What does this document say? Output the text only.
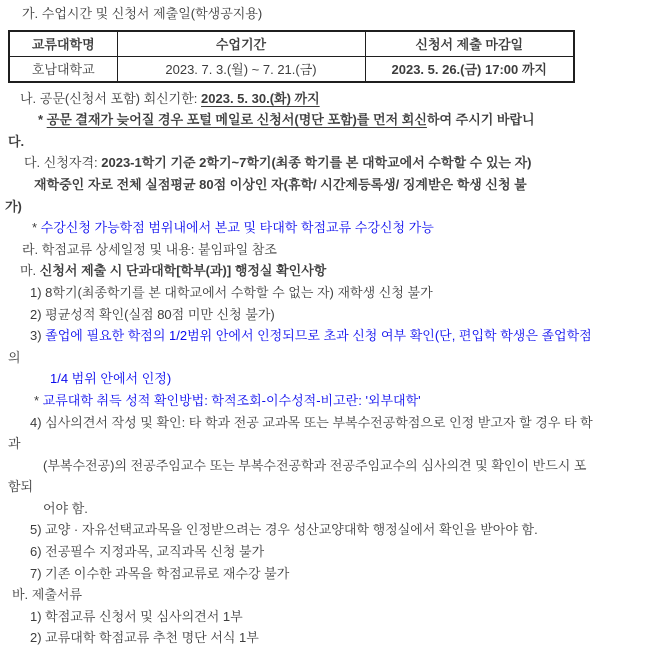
가. 수업시간 및 신청서 제출일(학생공지용)
교류대학명	수업기간	신청서 제출 마감일
호남대학교	2023. 7. 3.(월) ~ 7. 21.(금)	2023. 5. 26.(금) 17:00 까지
나. 공문(신청서 포함) 회신기한: 2023. 5. 30.(화) 까지
* 공문 결재가 늦어질 경우 포털 메일로 신청서(명단 포함)를 먼저 회신하여 주시기 바랍니
다.
다. 신청자격: 2023-1학기 기준 2학기~7학기(최종 학기를 본 대학교에서 수학할 수 있는 자)
재학중인 자로 전체 실점평균 80점 이상인 자(휴학/ 시간제등록생/ 징계받은 학생 신청 불
가)
* 수강신청 가능학점 범위내에서 본교 및 타대학 학점교류 수강신청 가능
라. 학점교류 상세일정 및 내용: 붙임파일 참조
마. 신청서 제출 시 단과대학[학부(과)] 행정실 확인사항
1) 8학기(최종학기를 본 대학교에서 수학할 수 없는 자) 재학생 신청 불가
2) 평균성적 확인(실점 80점 미만 신청 불가)
3) 졸업에 필요한 학점의 1/2범위 안에서 인정되므로 초과 신청 여부 확인(단, 편입학 학생은 졸업학점
의
1/4 범위 안에서 인정)
* 교류대학 취득 성적 확인방법: 학적조회-이수성적-비고란: '외부대학'
4) 심사의견서 작성 및 확인: 타 학과 전공 교과목 또는 부복수전공학점으로 인정 받고자 할 경우 타 학
과
(부복수전공)의 전공주임교수 또는 부복수전공학과 전공주임교수의 심사의견 및 확인이 반드시 포
함되
어야 함.
5) 교양 · 자유선택교과목을 인정받으려는 경우 성산교양대학 행정실에서 확인을 받아야 함.
6) 전공필수 지정과목, 교직과목 신청 불가
7) 기존 이수한 과목을 학점교류로 재수강 불가
바. 제출서류
1) 학점교류 신청서 및 심사의견서 1부
2) 교류대학 학점교류 추천 명단 서식 1부
